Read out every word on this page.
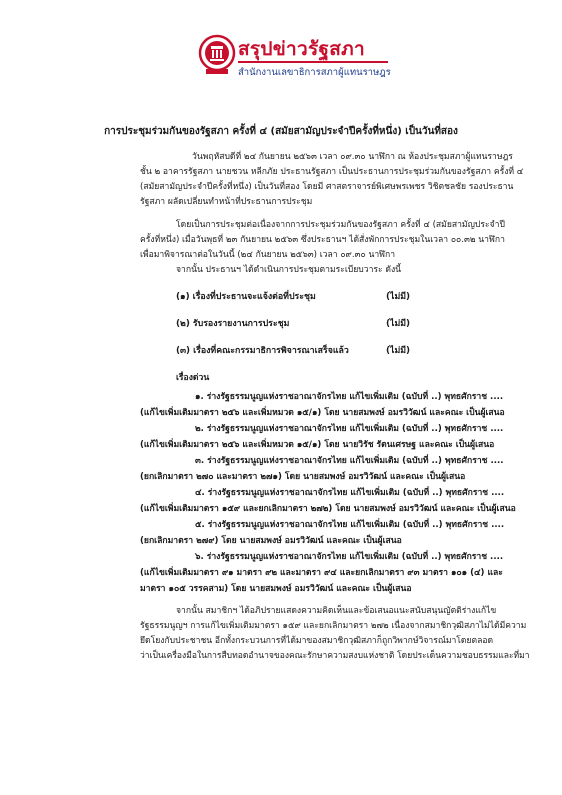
สรุปข่าวรัฐสภา
สำนักงานเลขาธิการสภาผู้แทนราษฎร
การประชุมร่วมกันของรัฐสภา ครั้งที่ ๔ (สมัยสามัญประจำปีครั้งที่หนึ่ง) เป็นวันที่สอง
วันพฤหัสบดีที่ ๒๔ กันยายน ๒๕๖๓ เวลา ๐๙.๓๐ นาฬิกา ณ ห้องประชุมสภาผู้แทนราษฎร
ชั้น ๒ อาคารรัฐสภา นายชวน หลีกภัย ประธานรัฐสภา เป็นประธานการประชุมร่วมกันของรัฐสภา ครั้งที่ ๔
(สมัยสามัญประจำปีครั้งที่หนึ่ง) เป็นวันที่สอง โดยมี ศาสตราจารย์พิเศษพรเพชร วิชิตชลชัย รองประธาน
รัฐสภา ผลัดเปลี่ยนทำหน้าที่ประธานการประชุม
โดยเป็นการประชุมต่อเนื่องจากการประชุมร่วมกันของรัฐสภา ครั้งที่ ๔ (สมัยสามัญประจำปี
ครั้งที่หนึ่ง) เมื่อวันพุธที่ ๒๓ กันยายน ๒๕๖๓ ซึ่งประธานฯ ได้สั่งพักการประชุมในเวลา ๐๐.๓๒ นาฬิกา
เพื่อมาพิจารณาต่อในวันนี้ (๒๔ กันยายน ๒๕๖๓) เวลา ๐๙.๓๐ นาฬิกา
จากนั้น ประธานฯ ได้ดำเนินการประชุมตามระเบียบวาระ ดังนี้
(๑) เรื่องที่ประธานจะแจ้งต่อที่ประชุม	(ไม่มี)
(๒) รับรองรายงานการประชุม	(ไม่มี)
(๓) เรื่องที่คณะกรรมาธิการพิจารณาเสร็จแล้ว	(ไม่มี)
เรื่องด่วน
๑. ร่างรัฐธรรมนูญแห่งราชอาณาจักรไทย แก้ไขเพิ่มเติม (ฉบับที่ ..) พุทธศักราช ....
(แก้ไขเพิ่มเติมมาตรา ๒๕๖ และเพิ่มหมวด ๑๕/๑) โดย นายสมพงษ์ อมรวิวัฒน์ และคณะ เป็นผู้เสนอ
๒. ร่างรัฐธรรมนูญแห่งราชอาณาจักรไทย แก้ไขเพิ่มเติม (ฉบับที่ ..) พุทธศักราช ....
(แก้ไขเพิ่มเติมมาตรา ๒๕๖ และเพิ่มหมวด ๑๕/๑) โดย นายวิรัช รัตนเศรษฐ และคณะ เป็นผู้เสนอ
๓. ร่างรัฐธรรมนูญแห่งราชอาณาจักรไทย แก้ไขเพิ่มเติม (ฉบับที่ ..) พุทธศักราช ....
(ยกเลิกมาตรา ๒๗๐ และมาตรา ๒๗๑) โดย นายสมพงษ์ อมรวิวัฒน์ และคณะ เป็นผู้เสนอ
๔. ร่างรัฐธรรมนูญแห่งราชอาณาจักรไทย แก้ไขเพิ่มเติม (ฉบับที่ ..) พุทธศักราช ....
(แก้ไขเพิ่มเติมมาตรา ๑๕๙ และยกเลิกมาตรา ๒๗๒) โดย นายสมพงษ์ อมรวิวัฒน์ และคณะ เป็นผู้เสนอ
๕. ร่างรัฐธรรมนูญแห่งราชอาณาจักรไทย แก้ไขเพิ่มเติม (ฉบับที่ ..) พุทธศักราช ....
(ยกเลิกมาตรา ๒๗๙) โดย นายสมพงษ์ อมรวิวัฒน์ และคณะ เป็นผู้เสนอ
๖. ร่างรัฐธรรมนูญแห่งราชอาณาจักรไทย แก้ไขเพิ่มเติม (ฉบับที่ ..) พุทธศักราช ....
(แก้ไขเพิ่มเติมมาตรา ๙๑ มาตรา ๙๒ และมาตรา ๙๔ และยกเลิกมาตรา ๙๓ มาตรา ๑๐๑ (๔) และ
มาตรา ๑๐๕ วรรคสาม) โดย นายสมพงษ์ อมรวิวัฒน์ และคณะ เป็นผู้เสนอ
จากนั้น สมาชิกฯ ได้อภิปรายแสดงความคิดเห็นและข้อเสนอแนะสนับสนุนญัตติร่างแก้ไข
รัฐธรรมนูญฯ การแก้ไขเพิ่มเติมมาตรา ๑๕๙ และยกเลิกมาตรา ๒๗๒ เนื่องจากสมาชิกวุฒิสภาไม่ได้มีความ
ยึดโยงกับประชาชน อีกทั้งกระบวนการที่ได้มาของสมาชิกวุฒิสภาก็ถูกวิพากษ์วิจารณ์มาโดยตลอด
ว่าเป็นเครื่องมือในการสืบทอดอำนาจของคณะรักษาความสงบแห่งชาติ โดยประเด็นความชอบธรรมและที่มา
